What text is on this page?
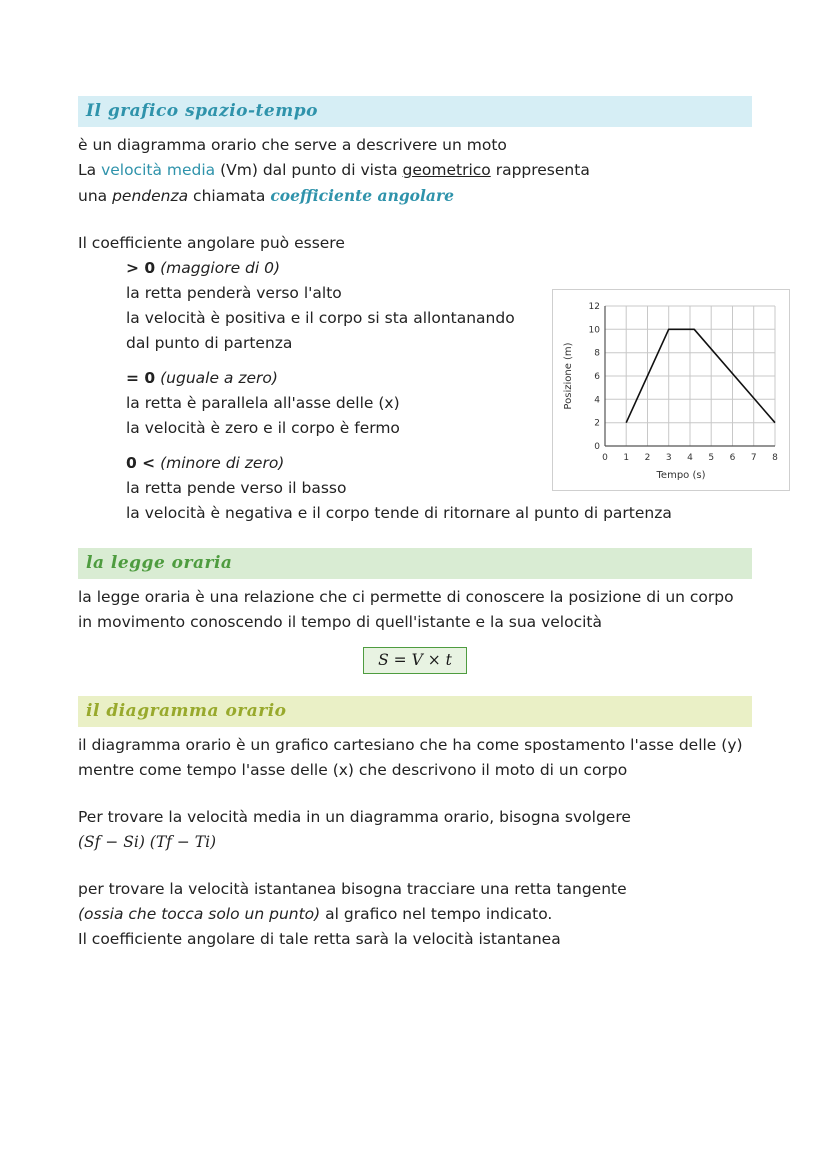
Il grafico spazio-tempo

è un diagramma orario che serve a descrivere un moto

La velocità media (Vm) dal punto di vista geometrico rappresenta

una pendenza chiamata coefficiente angolare

Il coefficiente angolare può essere

> 0 (maggiore di 0)

la retta penderà verso l'alto

la velocità è positiva e il corpo si sta allontanando

dal punto di partenza

= 0 (uguale a zero)

la retta è parallela all'asse delle (x)

la velocità è zero e il corpo è fermo

0 < (minore di zero)

la retta pende verso il basso

la velocità è negativa e il corpo tende di ritornare al punto di partenza

la legge oraria

la legge oraria è una relazione che ci permette di conoscere la posizione di un corpo

in movimento conoscendo il tempo di quell'istante e la sua velocità

S = V × t
il diagramma orario

il diagramma orario è un grafico cartesiano che ha come spostamento l'asse delle (y)

mentre come tempo l'asse delle (x) che descrivono il moto di un corpo

Per trovare la velocità media in un diagramma orario, bisogna svolgere

(Sf − Si) (Tf − Ti)

per trovare la velocità istantanea bisogna tracciare una retta tangente

(ossia che tocca solo un punto) al grafico nel tempo indicato.

Il coefficiente angolare di tale retta sarà la velocità istantanea

0
2
4
6
8
10
12
0 1 2 3 4 5 6 7 8
Tempo (s)
Posizione (m)
